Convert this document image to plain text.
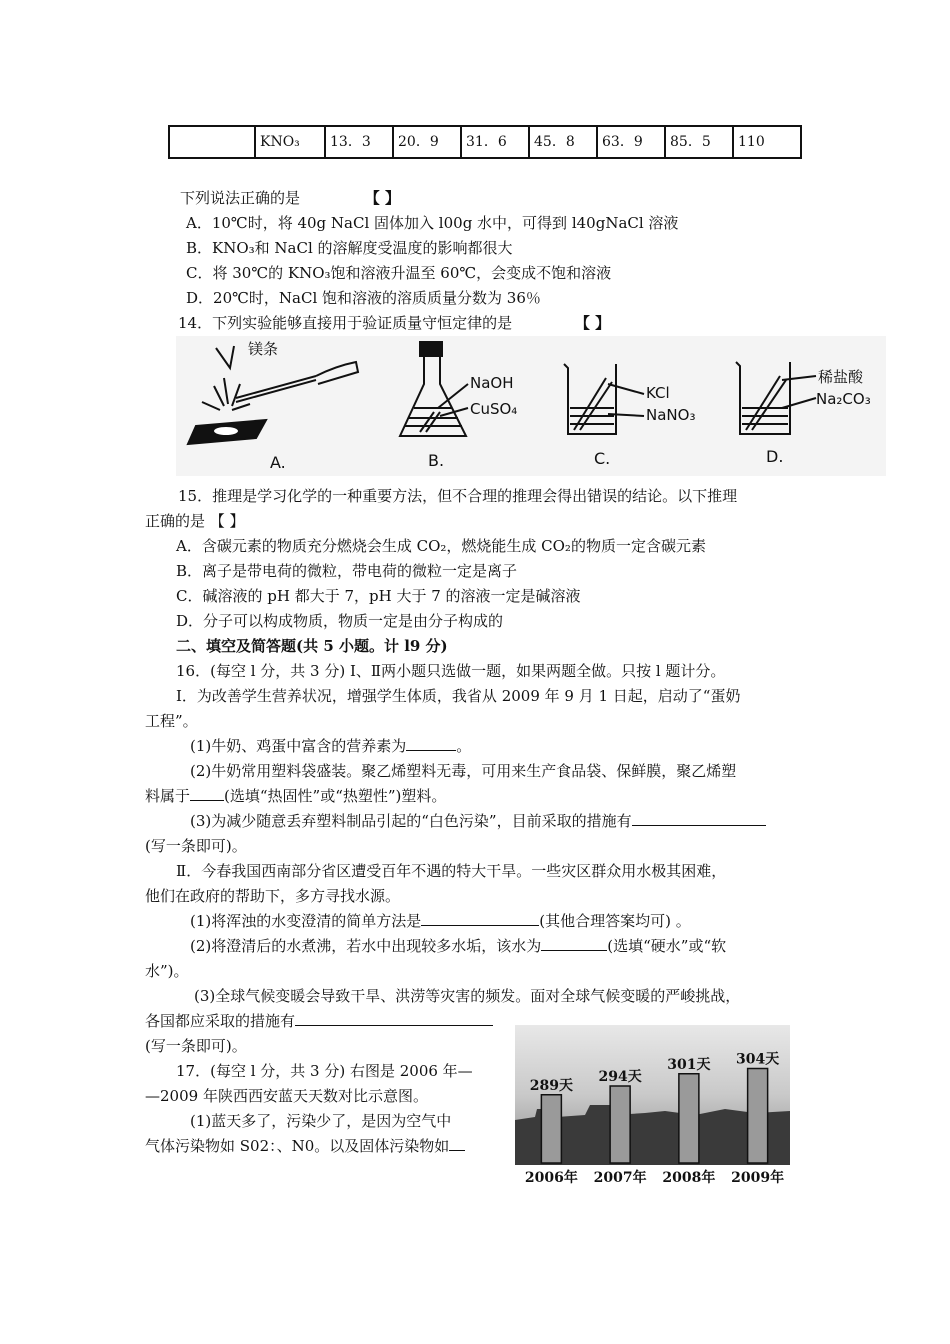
	KNO₃	13．3	20．9	31．6	45．8	63．9	85．5	110
下列说法正确的是	【 】
A．10℃时，将 40g NaCl 固体加入 l00g 水中，可得到 l40gNaCl 溶液
B．KNO₃和 NaCl 的溶解度受温度的影响都很大
C．将 30℃的 KNO₃饱和溶液升温至 60℃，会变成不饱和溶液
D．20℃时，NaCl 饱和溶液的溶质质量分数为 36％
14．下列实验能够直接用于验证质量守恒定律的是	【 】
镁条
NaOH
CuSO₄
KCl
NaNO₃
稀盐酸
Na₂CO₃
A.	B.	C.	D.
15．推理是学习化学的一种重要方法，但不合理的推理会得出错误的结论。以下推理
正确的是 【 】
A．含碳元素的物质充分燃烧会生成 CO₂，燃烧能生成 CO₂的物质一定含碳元素
B．离子是带电荷的微粒，带电荷的微粒一定是离子
C．碱溶液的 pH 都大于 7，pH 大于 7 的溶液一定是碱溶液
D．分子可以构成物质，物质一定是由分子构成的
二、填空及简答题(共 5 小题。计 l9 分)
16．(每空 l 分，共 3 分) Ⅰ、Ⅱ两小题只选做一题，如果两题全做。只按 l 题计分。
Ⅰ．为改善学生营养状况，增强学生体质，我省从 2009 年 9 月 1 日起，启动了“蛋奶
工程”。
(1)牛奶、鸡蛋中富含的营养素为	。
(2)牛奶常用塑料袋盛装。聚乙烯塑料无毒，可用来生产食品袋、保鲜膜，聚乙烯塑
料属于 (选填“热固性”或“热塑性”)塑料。
(3)为减少随意丢弃塑料制品引起的“白色污染”，目前采取的措施有
(写一条即可)。
Ⅱ．今春我国西南部分省区遭受百年不遇的特大干旱。一些灾区群众用水极其困难，
他们在政府的帮助下，多方寻找水源。
(1)将浑浊的水变澄清的简单方法是	(其他合理答案均可) 。
(2)将澄清后的水煮沸，若水中出现较多水垢，该水为	(选填“硬水”或“软
水”)。
(3)全球气候变暖会导致干旱、洪涝等灾害的频发。面对全球气候变暖的严峻挑战，
各国都应采取的措施有
(写一条即可)。
17．(每空 l 分，共 3 分) 右图是 2006 年—
—2009 年陕西西安蓝天天数对比示意图。
(1)蓝天多了，污染少了，是因为空气中
气体污染物如 S02：、N0。以及固体污染物如
289天
2006年
294天
2007年
301天
2008年
304天
2009年
